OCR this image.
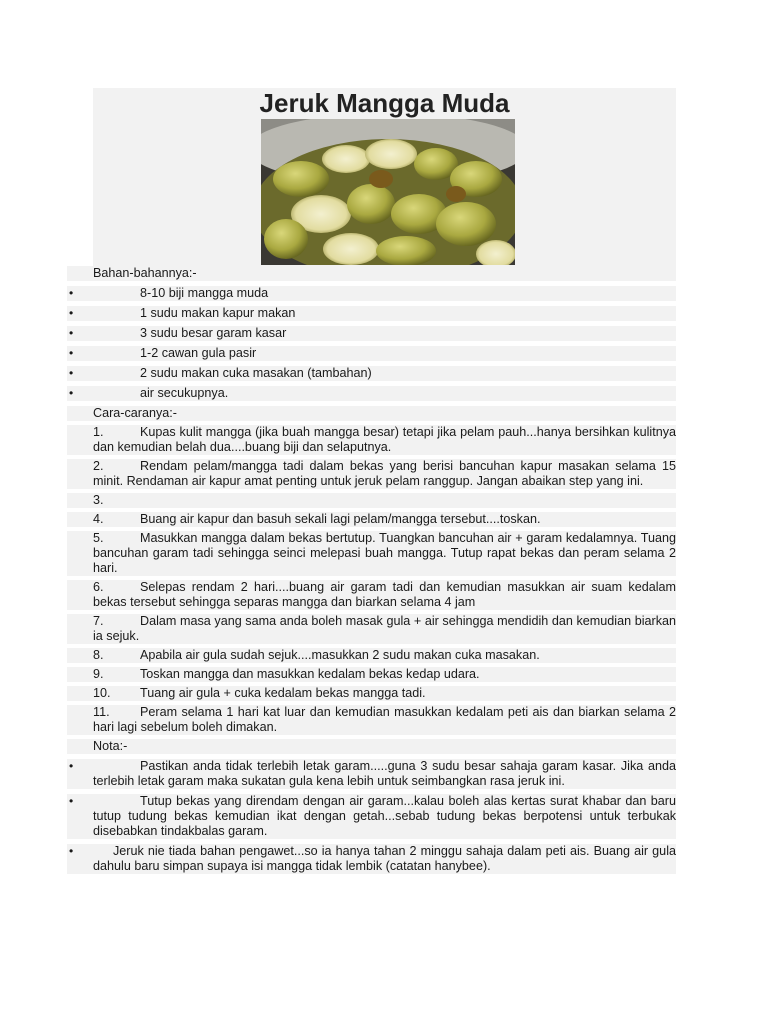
Jeruk Mangga Muda
Bahan-bahannya:-
•	8-10 biji mangga muda
•	1 sudu makan kapur makan
•	3 sudu besar garam kasar
•	1-2 cawan gula pasir
•	2 sudu makan cuka masakan (tambahan)
•	air secukupnya.
Cara-caranya:-
1.	Kupas kulit mangga (jika buah mangga besar) tetapi jika pelam pauh...hanya bersihkan kulitnya dan kemudian belah dua....buang biji dan selaputnya.
2.	Rendam pelam/mangga tadi dalam bekas yang berisi bancuhan kapur masakan selama 15 minit. Rendaman air kapur amat penting untuk jeruk pelam ranggup. Jangan abaikan step yang ini.
3.
4.	Buang air kapur dan basuh sekali lagi pelam/mangga tersebut....toskan.
5.	Masukkan mangga dalam bekas bertutup. Tuangkan bancuhan air + garam kedalamnya. Tuang bancuhan garam tadi sehingga seinci melepasi buah mangga. Tutup rapat bekas dan peram selama 2 hari.
6.	Selepas rendam 2 hari....buang air garam tadi dan kemudian masukkan air suam kedalam bekas tersebut sehingga separas mangga dan biarkan selama 4 jam
7.	Dalam masa yang sama anda boleh masak gula + air sehingga mendidih dan kemudian biarkan ia sejuk.
8.	Apabila air gula sudah sejuk....masukkan 2 sudu makan cuka masakan.
9.	Toskan mangga dan masukkan kedalam bekas kedap udara.
10. Tuang air gula + cuka kedalam bekas mangga tadi.
11. Peram selama 1 hari kat luar dan kemudian masukkan kedalam peti ais dan biarkan selama 2 hari lagi sebelum boleh dimakan.
Nota:-
•	Pastikan anda tidak terlebih letak garam.....guna 3 sudu besar sahaja garam kasar. Jika anda terlebih letak garam maka sukatan gula kena lebih untuk seimbangkan rasa jeruk ini.
•	Tutup bekas yang direndam dengan air garam...kalau boleh alas kertas surat khabar dan baru tutup tudung bekas kemudian ikat dengan getah...sebab tudung bekas berpotensi untuk terbukak disebabkan tindakbalas garam.
•	Jeruk nie tiada bahan pengawet...so ia hanya tahan 2 minggu sahaja dalam peti ais. Buang air gula dahulu baru simpan supaya isi mangga tidak lembik (catatan hanybee).
